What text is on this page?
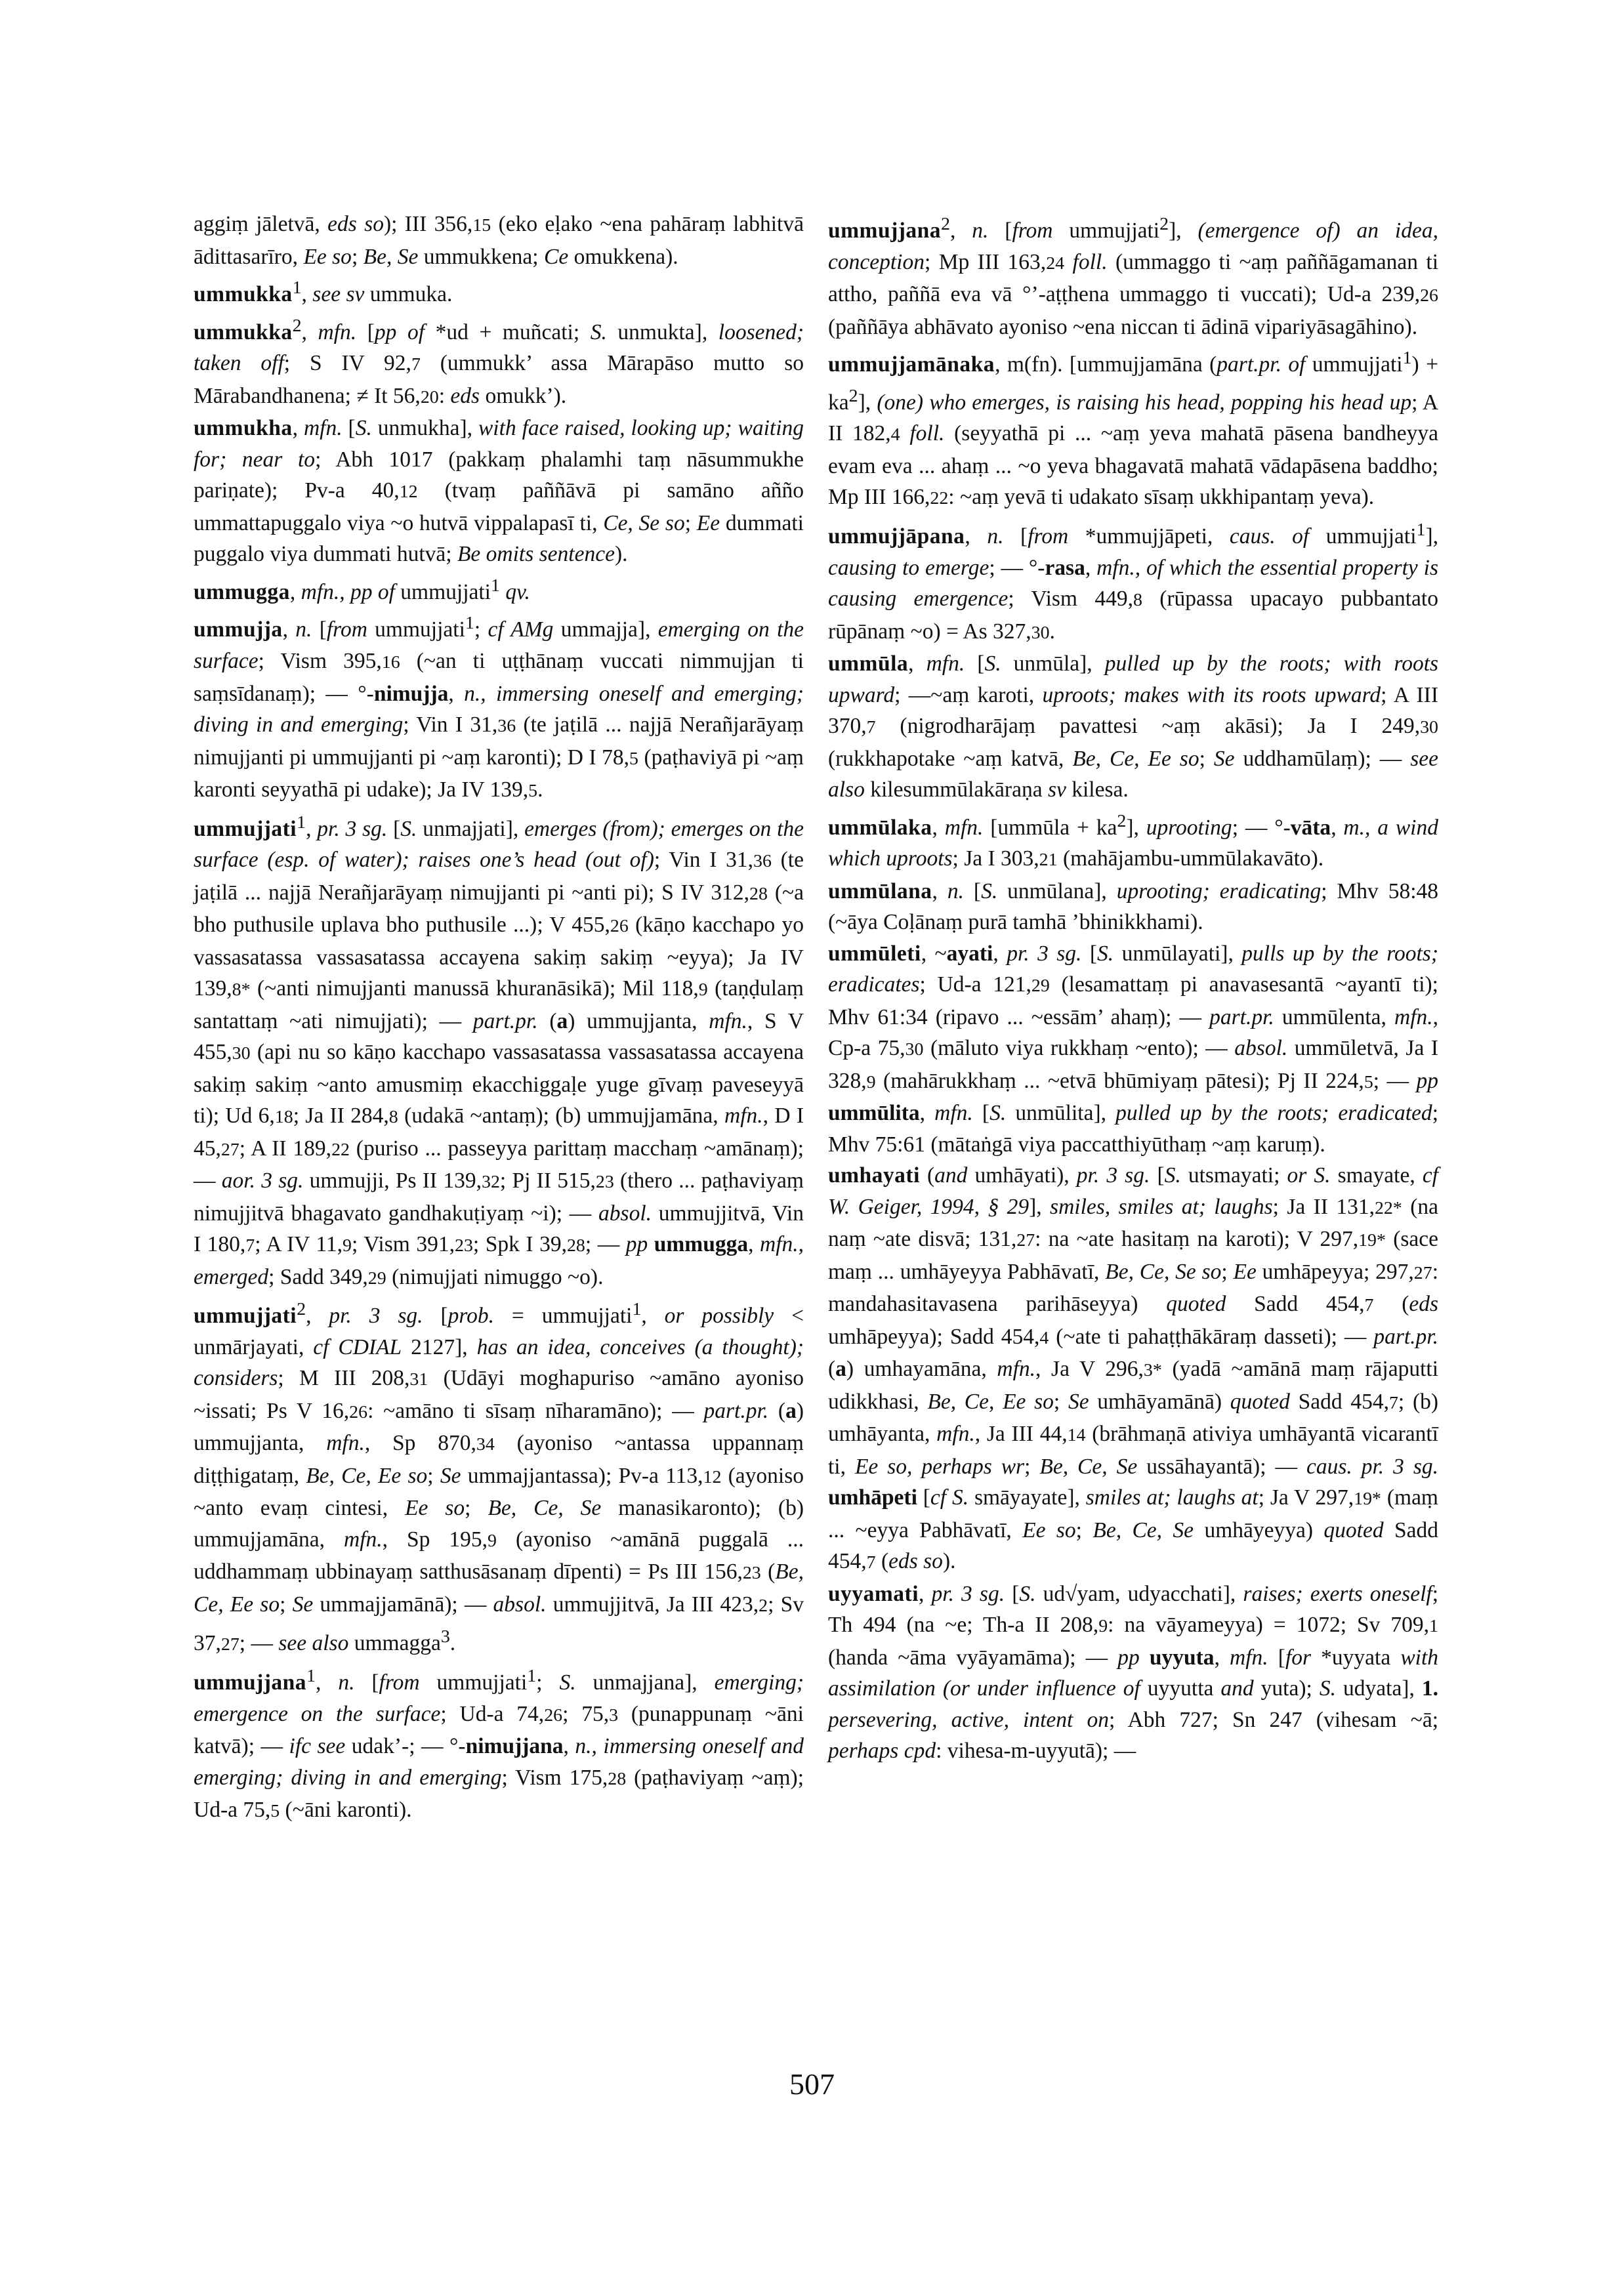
aggiṃ jāletvā, eds so); III 356,15 (eko eḷako ~ena pahāraṃ labhitvā ādittasarīro, Ee so; Be, Se ummukkena; Ce omukkena).

ummukka$^1$, see sv ummuka.

ummukka$^2$, mfn. [pp of *ud + muñcati; S. unmukta], loosened; taken off; S IV 92,7 (ummukk’ assa Mārapāso mutto so Mārabandhanena; ≠ It 56,20: eds omukk’).

ummukha, mfn. [S. unmukha], with face raised, looking up; waiting for; near to; Abh 1017 (pakkaṃ phalamhi taṃ nāsummukhe pariṇate); Pv-a 40,12 (tvaṃ paññāvā pi samāno añño ummattapuggalo viya ~o hutvā vippalapasī ti, Ce, Se so; Ee dummati puggalo viya dummati hutvā; Be omits sentence).

ummugga, mfn., pp of ummujjati$^1$ qv.

ummujja, n. [from ummujjati$^1$; cf AMg ummajja], emerging on the surface; Vism 395,16 (~an ti uṭṭhānaṃ vuccati nimmujjan ti saṃsīdanaṃ); — °-nimujja, n., immersing oneself and emerging; diving in and emerging; Vin I 31,36 (te jaṭilā ... najjā Nerañjarāyaṃ nimujjanti pi ummujjanti pi ~aṃ karonti); D I 78,5 (paṭhaviyā pi ~aṃ karonti seyyathā pi udake); Ja IV 139,5.

ummujjati$^1$, pr. 3 sg. [S. unmajjati], emerges (from); emerges on the surface (esp. of water); raises one’s head (out of); Vin I 31,36 (te jaṭilā ... najjā Nerañjarāyaṃ nimujjanti pi ~anti pi); S IV 312,28 (~a bho puthusile uplava bho puthusile ...); V 455,26 (kāṇo kacchapo yo vassasatassa vassasatassa accayena sakiṃ sakiṃ ~eyya); Ja IV 139,8* (~anti nimujjanti manussā khuranāsikā); Mil 118,9 (taṇḍulaṃ santattaṃ ~ati nimujjati); — part.pr. (a) ummujjanta, mfn., S V 455,30 (api nu so kāṇo kacchapo vassasatassa vassasatassa accayena sakiṃ sakiṃ ~anto amusmiṃ ekacchiggaḷe yuge gīvaṃ paveseyyā ti); Ud 6,18; Ja II 284,8 (udakā ~antaṃ); (b) ummujjamāna, mfn., D I 45,27; A II 189,22 (puriso ... passeyya parittaṃ macchaṃ ~amānaṃ); — aor. 3 sg. ummujji, Ps II 139,32; Pj II 515,23 (thero ... paṭhaviyaṃ nimujjitvā bhagavato gandhakuṭiyaṃ ~i); — absol. ummujjitvā, Vin I 180,7; A IV 11,9; Vism 391,23; Spk I 39,28; — pp ummugga, mfn., emerged; Sadd 349,29 (nimujjati nimuggo ~o).

ummujjati$^2$, pr. 3 sg. [prob. = ummujjati$^1$, or possibly < unmārjayati, cf CDIAL 2127], has an idea, conceives (a thought); considers; M III 208,31 (Udāyi moghapuriso ~amāno ayoniso ~issati; Ps V 16,26: ~amāno ti sīsaṃ nīharamāno); — part.pr. (a) ummujjanta, mfn., Sp 870,34 (ayoniso ~antassa uppannaṃ diṭṭhigataṃ, Be, Ce, Ee so; Se ummajjantassa); Pv-a 113,12 (ayoniso ~anto evaṃ cintesi, Ee so; Be, Ce, Se manasikaronto); (b) ummujjamāna, mfn., Sp 195,9 (ayoniso ~amānā puggalā ... uddhammaṃ ubbinayaṃ satthusāsanaṃ dīpenti) = Ps III 156,23 (Be, Ce, Ee so; Se ummajjamānā); — absol. ummujjitvā, Ja III 423,2; Sv 37,27; — see also ummagga$^3$.

ummujjana$^1$, n. [from ummujjati$^1$; S. unmajjana], emerging; emergence on the surface; Ud-a 74,26; 75,3 (punappunaṃ ~āni katvā); — ifc see udak’-; — °-nimujjana, n., immersing oneself and emerging; diving in and emerging; Vism 175,28 (paṭhaviyaṃ ~aṃ); Ud-a 75,5 (~āni karonti).

ummujjana$^2$, n. [from ummujjati$^2$], (emergence of) an idea, conception; Mp III 163,24 foll. (ummaggo ti ~aṃ paññāgamanan ti attho, paññā eva vā °’-aṭṭhena ummaggo ti vuccati); Ud-a 239,26 (paññāya abhāvato ayoniso ~ena niccan ti ādinā vipariyāsagāhino).

ummujjamānaka, m(fn). [ummujjamāna (part.pr. of ummujjati$^1$) + $ka^2$], (one) who emerges, is raising his head, popping his head up; A II 182,4 foll. (seyyathā pi ... ~aṃ yeva mahatā pāsena bandheyya evam eva ... ahaṃ ... ~o yeva bhagavatā mahatā vādapāsena baddho; Mp III 166,22: ~aṃ yevā ti udakato sīsaṃ ukkhipantaṃ yeva).

ummujjāpana, n. [from *ummujjāpeti, caus. of ummujjati$^1$], causing to emerge; — °-rasa, mfn., of which the essential property is causing emergence; Vism 449,8 (rūpassa upacayo pubbantato rūpānaṃ ~o) = As 327,30.

ummūla, mfn. [S. unmūla], pulled up by the roots; with roots upward; —~aṃ karoti, uproots; makes with its roots upward; A III 370,7 (nigrodharājaṃ pavattesi ~aṃ akāsi); Ja I 249,30 (rukkhapotake ~aṃ katvā, Be, Ce, Ee so; Se uddhamūlaṃ); — see also kilesummūlakāraṇa sv kilesa.

ummūlaka, mfn. [ummūla + $ka^2$], uprooting; — °-vāta, m., a wind which uproots; Ja I 303,21 (mahājambu-ummūlakavāto).

ummūlana, n. [S. unmūlana], uprooting; eradicating; Mhv 58:48 (~āya Coḷānaṃ purā tamhā ’bhinikkhami).

ummūleti, ~ayati, pr. 3 sg. [S. unmūlayati], pulls up by the roots; eradicates; Ud-a 121,29 (lesamattaṃ pi anavasesantā ~ayantī ti); Mhv 61:34 (ripavo ... ~essām’ ahaṃ); — part.pr. ummūlenta, mfn., Cp-a 75,30 (māluto viya rukkhaṃ ~ento); — absol. ummūletvā, Ja I 328,9 (mahārukkhaṃ ... ~etvā bhūmiyaṃ pātesi); Pj II 224,5; — pp ummūlita, mfn. [S. unmūlita], pulled up by the roots; eradicated; Mhv 75:61 (mātaṅgā viya paccatthiyūthaṃ ~aṃ karuṃ).

umhayati (and umhāyati), pr. 3 sg. [S. utsmayati; or S. smayate, cf W. Geiger, 1994, § 29], smiles, smiles at; laughs; Ja II 131,22* (na naṃ ~ate disvā; 131,27: na ~ate hasitaṃ na karoti); V 297,19* (sace maṃ ... umhāyeyya Pabhāvatī, Be, Ce, Se so; Ee umhāpeyya; 297,27: mandahasitavasena parihāseyya) quoted Sadd 454,7 (eds umhāpeyya); Sadd 454,4 (~ate ti pahaṭṭhākāraṃ dasseti); — part.pr. (a) umhayamāna, mfn., Ja V 296,3* (yadā ~amānā maṃ rājaputti udikkhasi, Be, Ce, Ee so; Se umhāyamānā) quoted Sadd 454,7; (b) umhāyanta, mfn., Ja III 44,14 (brāhmaṇā ativiya umhāyantā vicarantī ti, Ee so, perhaps wr; Be, Ce, Se ussāhayantā); — caus. pr. 3 sg. umhāpeti [cf S. smāyayate], smiles at; laughs at; Ja V 297,19* (maṃ ... ~eyya Pabhāvatī, Ee so; Be, Ce, Se umhāyeyya) quoted Sadd 454,7 (eds so).

uyyamati, pr. 3 sg. [S. ud√yam, udyacchati], raises; exerts oneself; Th 494 (na ~e; Th-a II 208,9: na vāyameyya) = 1072; Sv 709,1 (handa ~āma vyāyamāma); — pp uyyuta, mfn. [for *uyyata with assimilation (or under influence of uyyutta and yuta); S. udyata], 1. persevering, active, intent on; Abh 727; Sn 247 (vihesam ~ā; perhaps cpd: vihesa-m-uyyutā); —

507
